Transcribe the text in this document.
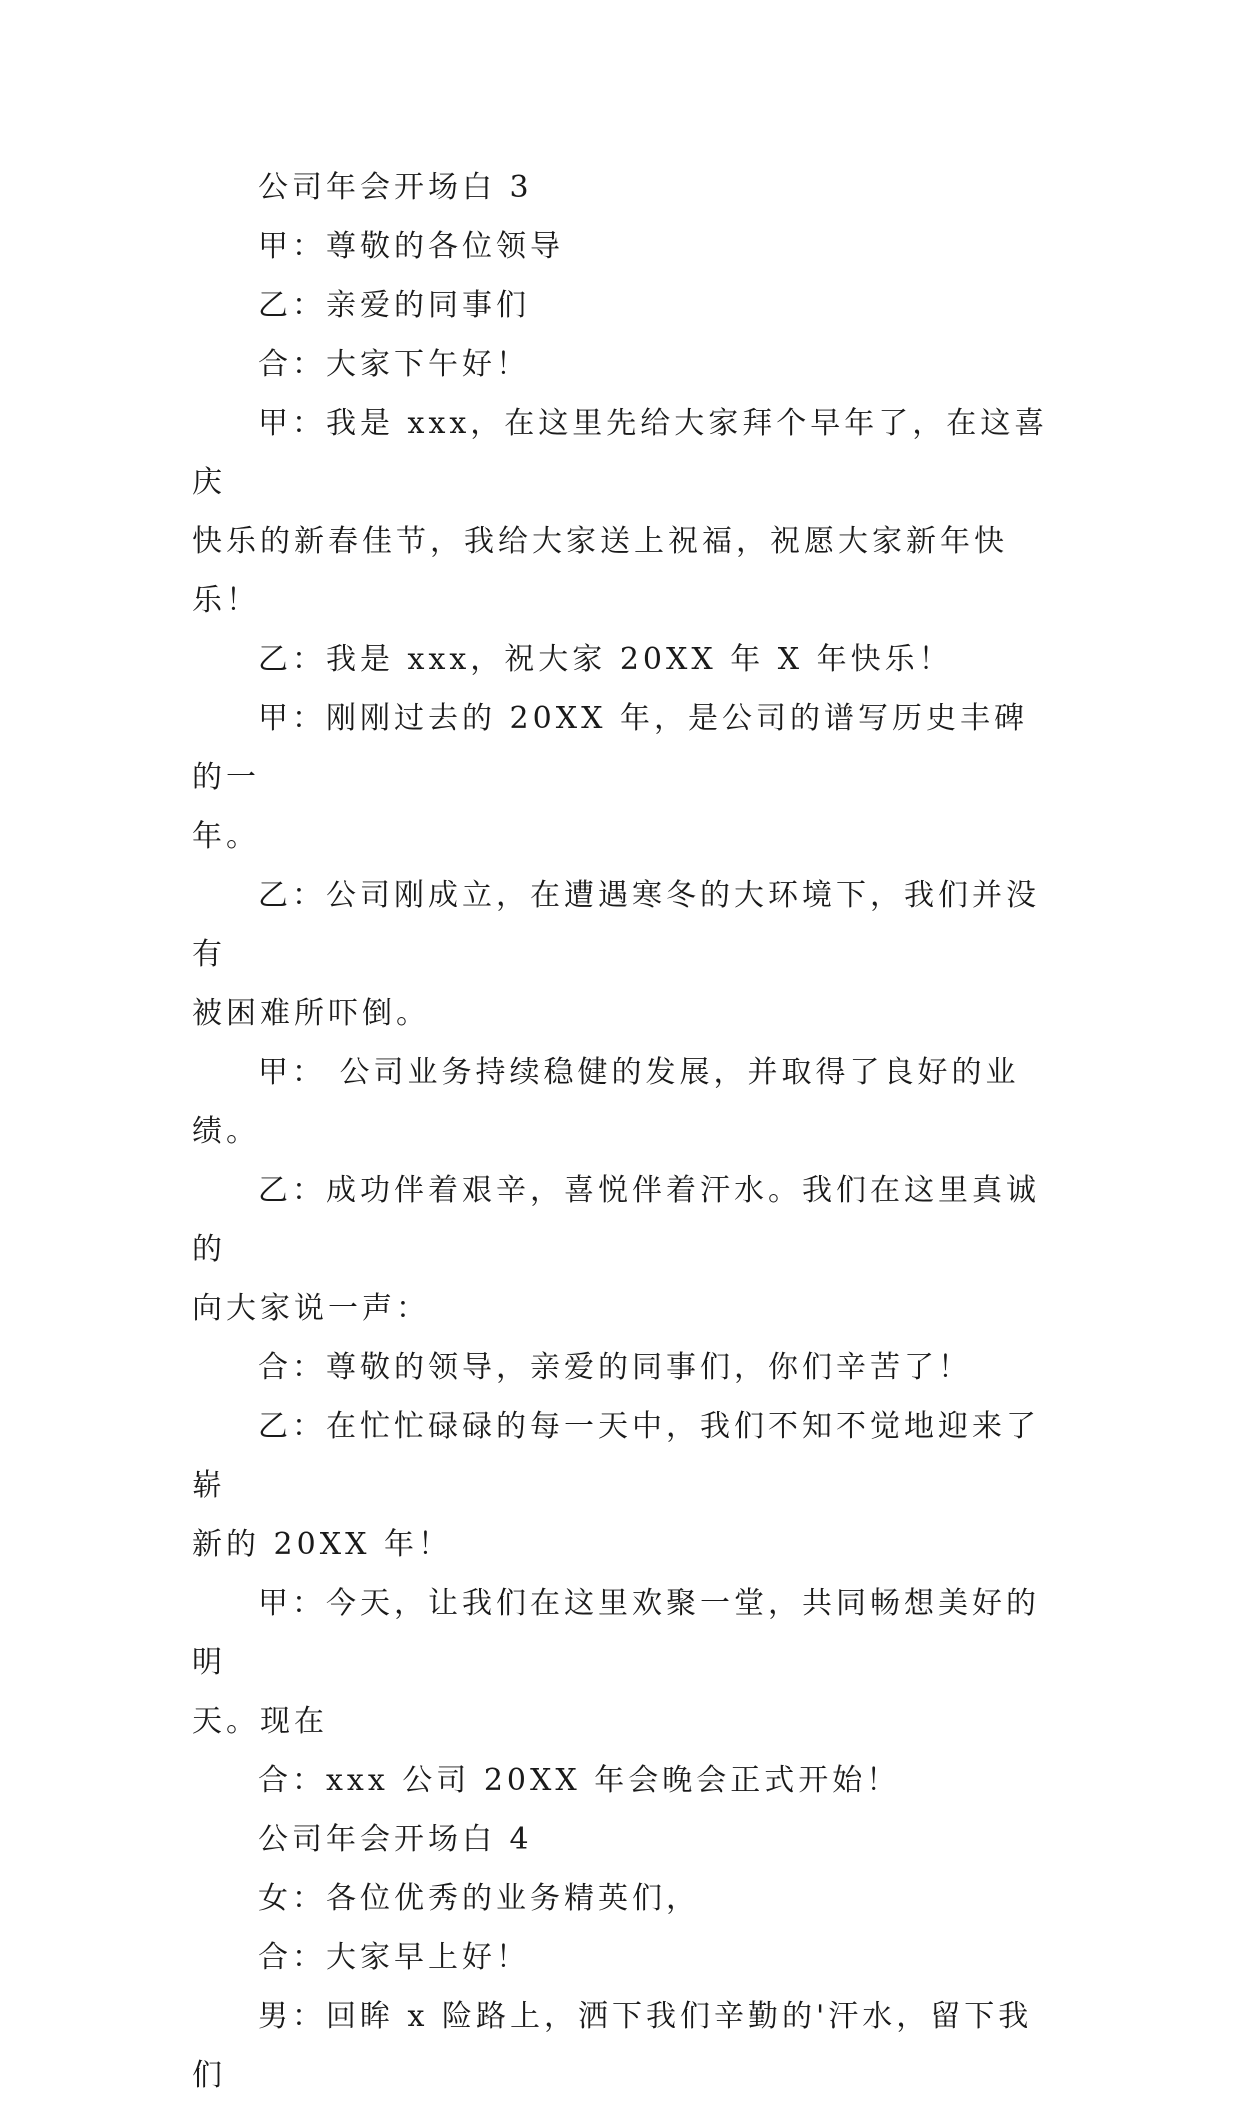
公司年会开场白 3

甲：尊敬的各位领导

乙：亲爱的同事们

合：大家下午好！

甲：我是 xxx，在这里先给大家拜个早年了，在这喜庆
快乐的新春佳节，我给大家送上祝福，祝愿大家新年快乐！

乙：我是 xxx，祝大家 20XX 年 X 年快乐！

甲：刚刚过去的 20XX 年，是公司的谱写历史丰碑的一
年。

乙：公司刚成立，在遭遇寒冬的大环境下，我们并没有
被困难所吓倒。

甲： 公司业务持续稳健的发展，并取得了良好的业绩。

乙：成功伴着艰辛，喜悦伴着汗水。我们在这里真诚的
向大家说一声：

合：尊敬的领导，亲爱的同事们，你们辛苦了！

乙：在忙忙碌碌的每一天中，我们不知不觉地迎来了崭
新的 20XX 年！

甲：今天，让我们在这里欢聚一堂，共同畅想美好的明
天。现在

合：xxx 公司 20XX 年会晚会正式开始！

公司年会开场白 4

女：各位优秀的业务精英们，

合：大家早上好！

男：回眸 x 险路上，洒下我们辛勤的'汗水，留下我们
